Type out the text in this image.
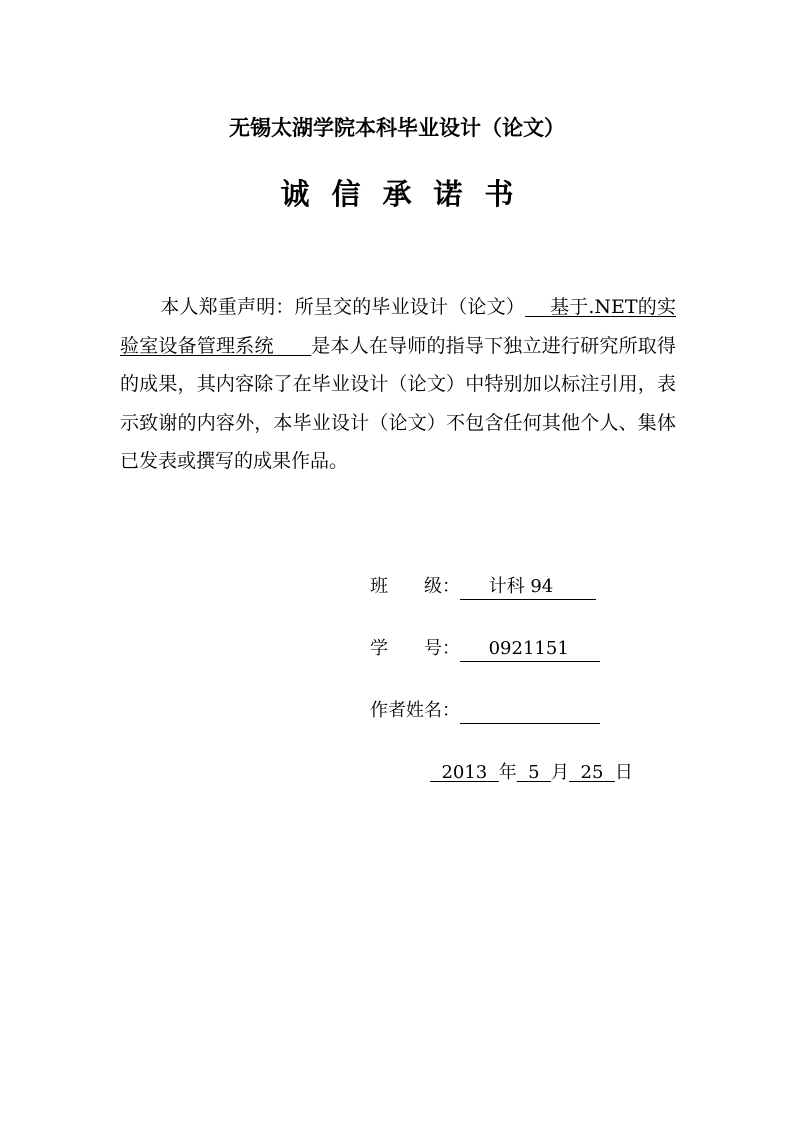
无锡太湖学院本科毕业设计（论文）
诚信承诺书
本人郑重声明：所呈交的毕业设计（论文） 基于.NET的实验室设备管理系统 是本人在导师的指导下独立进行研究所取得的成果，其内容除了在毕业设计（论文）中特别加以标注引用，表示致谢的内容外，本毕业设计（论文）不包含任何其他个人、集体已发表或撰写的成果作品。
班　　级： 计科 94
学　　号： 0921151
作者姓名：
2013 年 5 月 25 日
